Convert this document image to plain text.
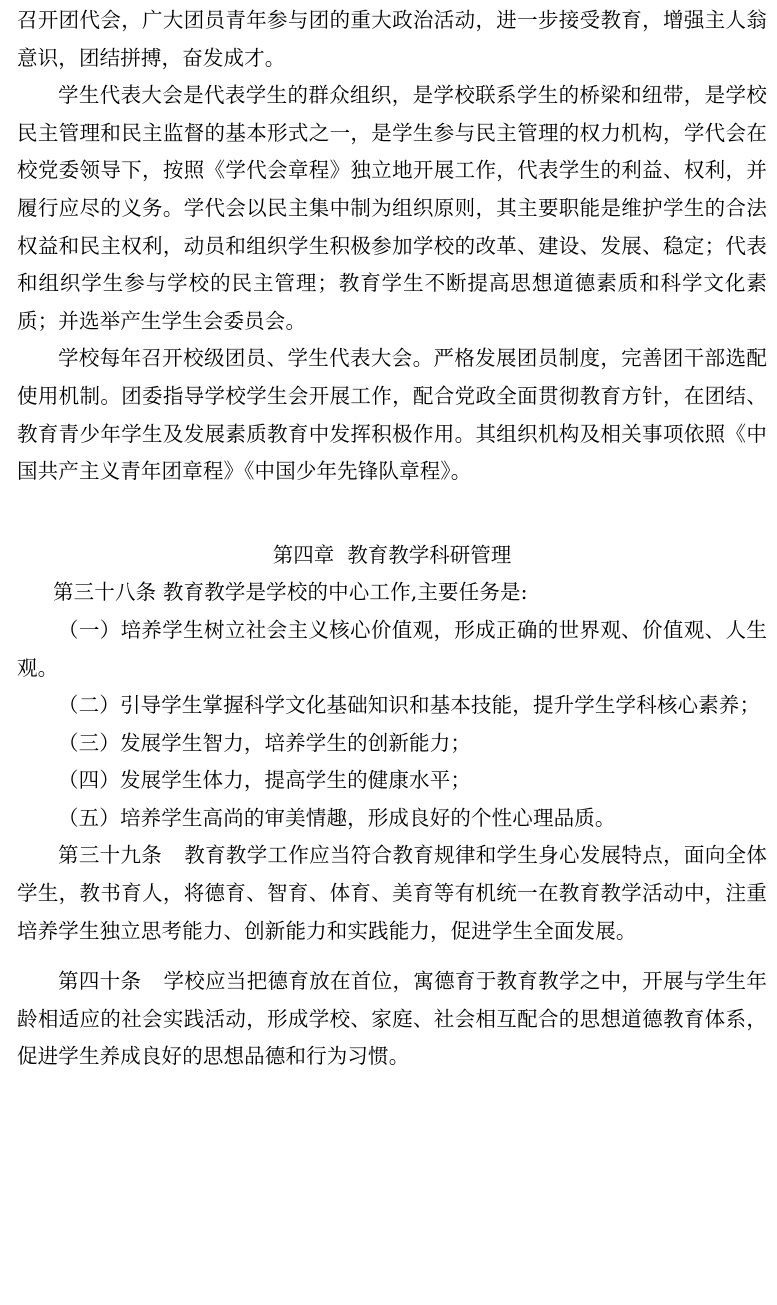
召开团代会，广大团员青年参与团的重大政治活动，进一步接受教育，增强主人翁意识，团结拼搏，奋发成才。

学生代表大会是代表学生的群众组织，是学校联系学生的桥梁和纽带，是学校民主管理和民主监督的基本形式之一，是学生参与民主管理的权力机构，学代会在校党委领导下，按照《学代会章程》独立地开展工作，代表学生的利益、权利，并履行应尽的义务。学代会以民主集中制为组织原则，其主要职能是维护学生的合法权益和民主权利，动员和组织学生积极参加学校的改革、建设、发展、稳定；代表和组织学生参与学校的民主管理；教育学生不断提高思想道德素质和科学文化素质；并选举产生学生会委员会。

学校每年召开校级团员、学生代表大会。严格发展团员制度，完善团干部选配使用机制。团委指导学校学生会开展工作，配合党政全面贯彻教育方针，在团结、教育青少年学生及发展素质教育中发挥积极作用。其组织机构及相关事项依照《中国共产主义青年团章程》《中国少年先锋队章程》。

第四章  教育教学科研管理

第三十八条 教育教学是学校的中心工作,主要任务是:

（一）培养学生树立社会主义核心价值观，形成正确的世界观、价值观、人生观。

（二）引导学生掌握科学文化基础知识和基本技能，提升学生学科核心素养；

（三）发展学生智力，培养学生的创新能力；

（四）发展学生体力，提高学生的健康水平；

（五）培养学生高尚的审美情趣，形成良好的个性心理品质。

第三十九条 教育教学工作应当符合教育规律和学生身心发展特点，面向全体学生，教书育人，将德育、智育、体育、美育等有机统一在教育教学活动中，注重培养学生独立思考能力、创新能力和实践能力，促进学生全面发展。

第四十条 学校应当把德育放在首位，寓德育于教育教学之中，开展与学生年龄相适应的社会实践活动，形成学校、家庭、社会相互配合的思想道德教育体系，促进学生养成良好的思想品德和行为习惯。
